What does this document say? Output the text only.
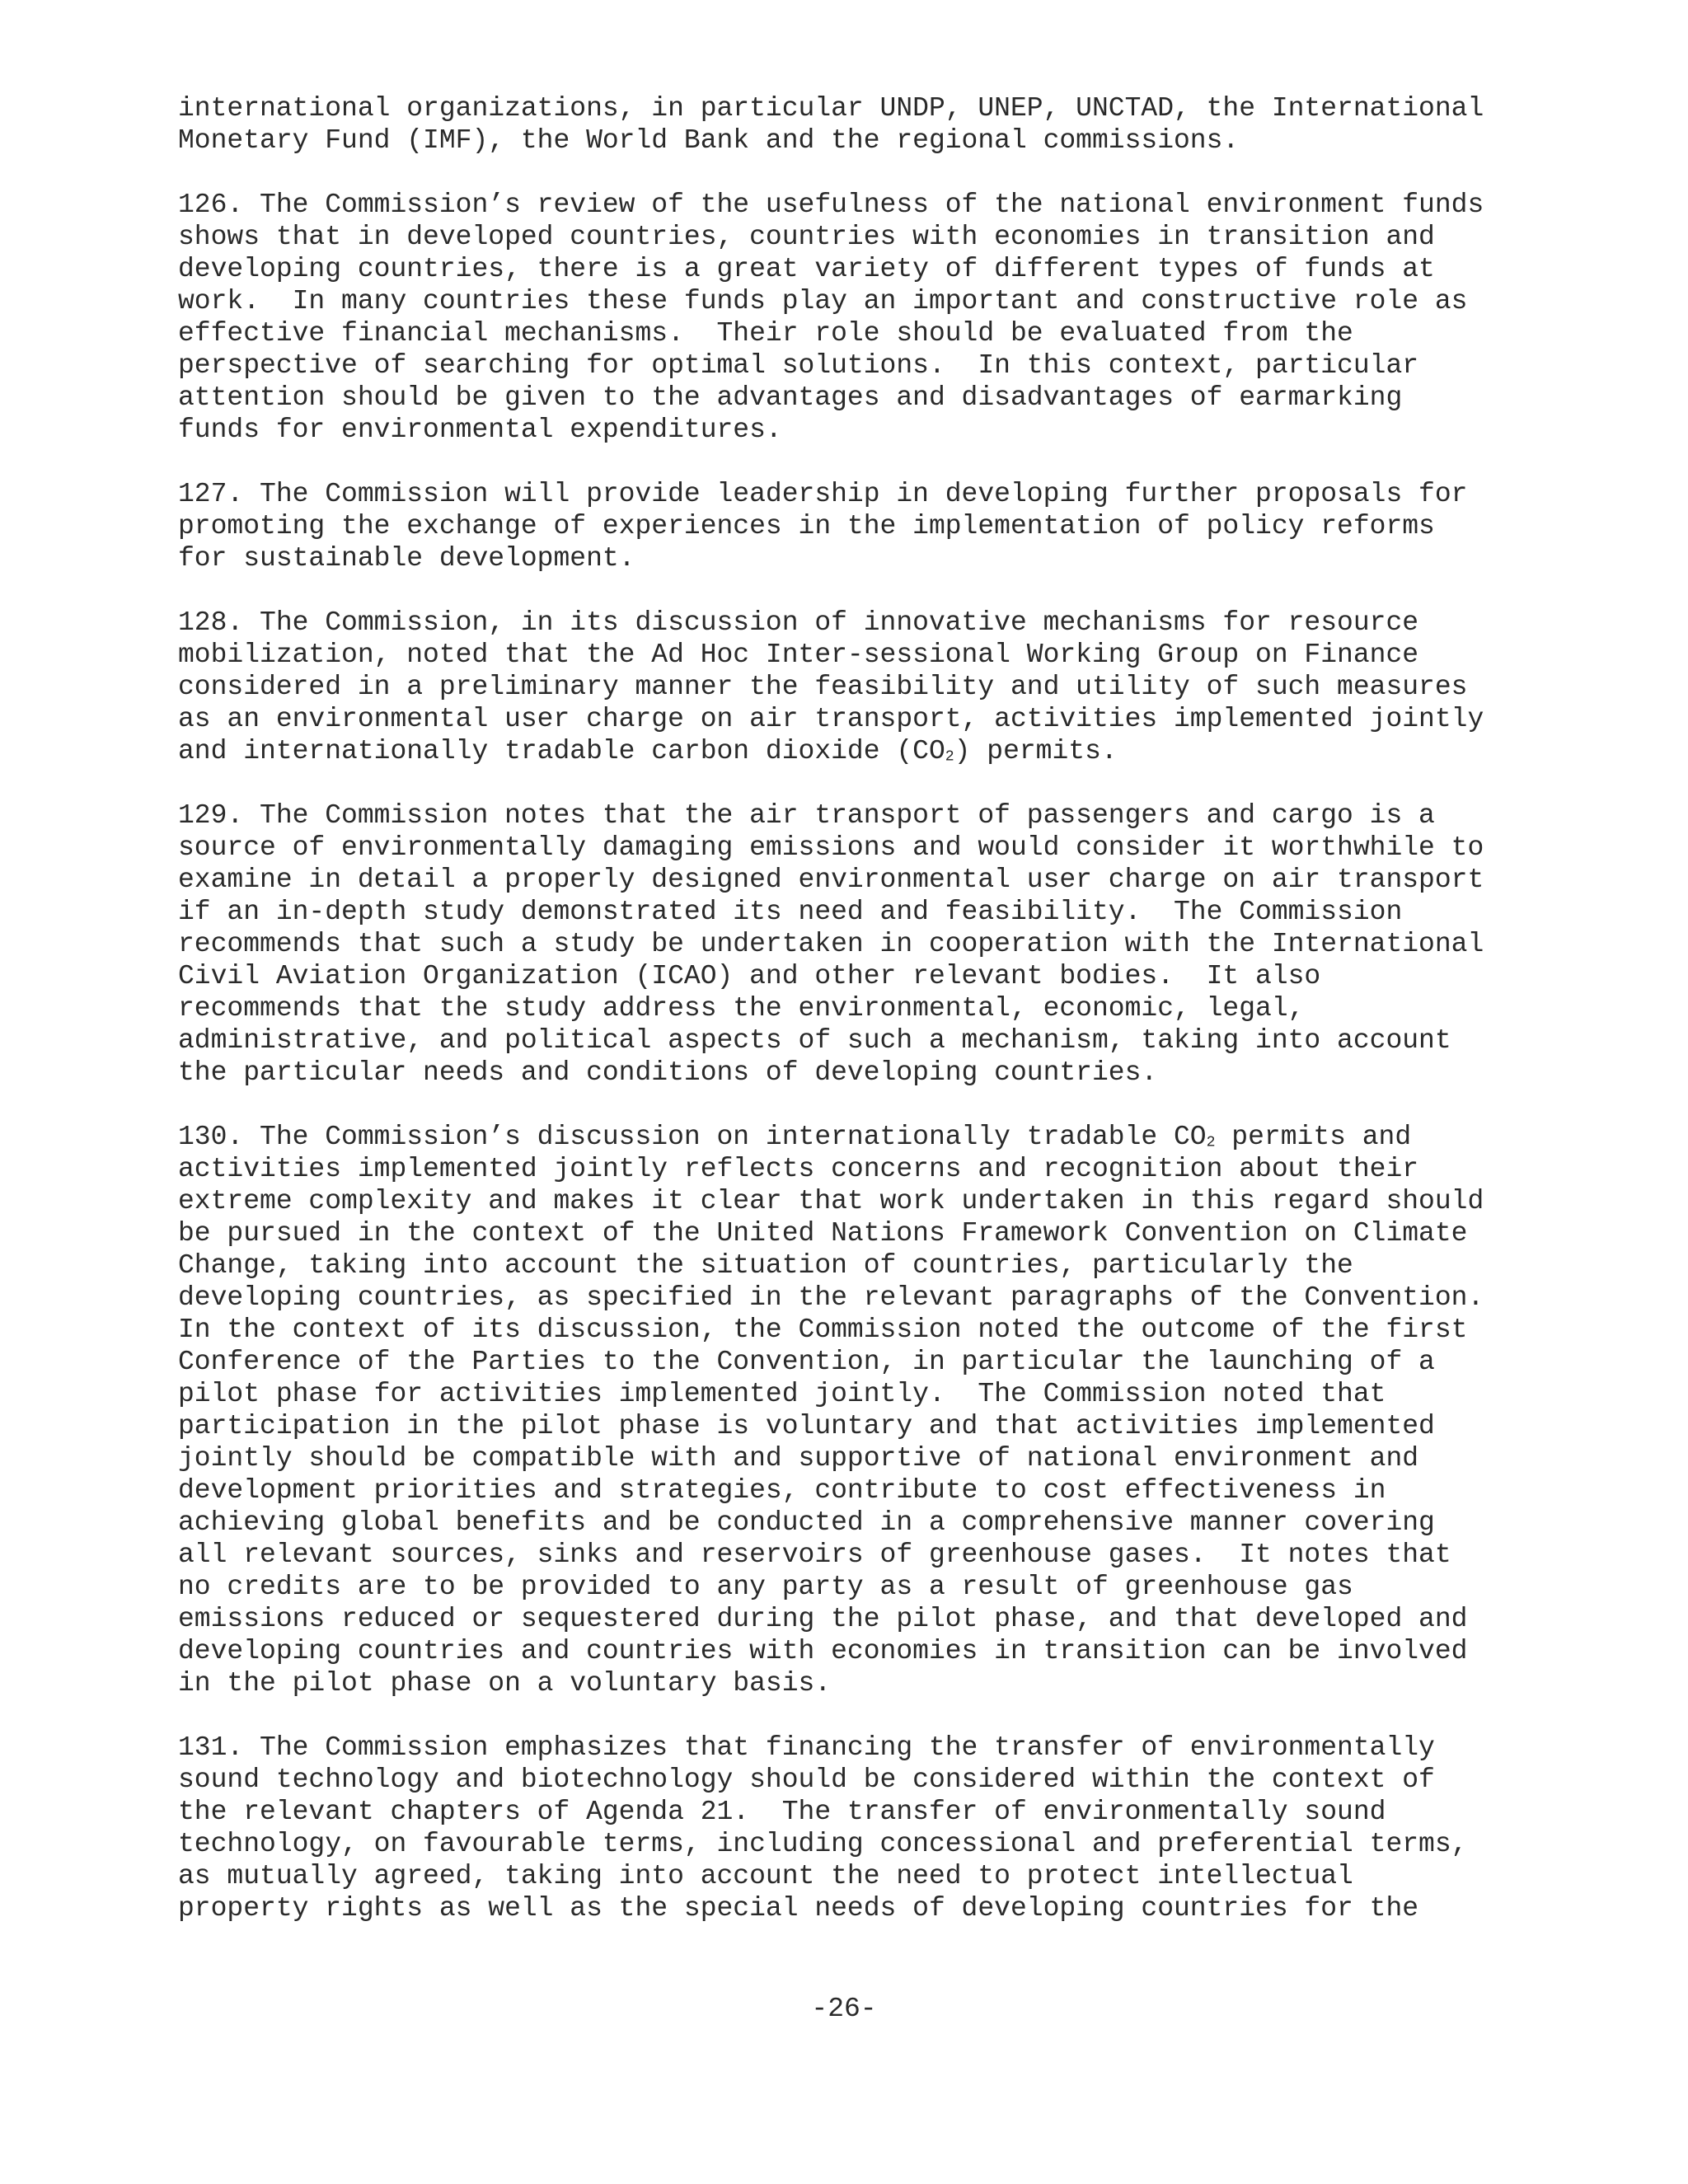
international organizations, in particular UNDP, UNEP, UNCTAD, the International
Monetary Fund (IMF), the World Bank and the regional commissions.
126. The Commission’s review of the usefulness of the national environment funds
shows that in developed countries, countries with economies in transition and
developing countries, there is a great variety of different types of funds at
work.  In many countries these funds play an important and constructive role as
effective financial mechanisms.  Their role should be evaluated from the
perspective of searching for optimal solutions.  In this context, particular
attention should be given to the advantages and disadvantages of earmarking
funds for environmental expenditures.
127. The Commission will provide leadership in developing further proposals for
promoting the exchange of experiences in the implementation of policy reforms
for sustainable development.
128. The Commission, in its discussion of innovative mechanisms for resource
mobilization, noted that the Ad Hoc Inter-sessional Working Group on Finance
considered in a preliminary manner the feasibility and utility of such measures
as an environmental user charge on air transport, activities implemented jointly
and internationally tradable carbon dioxide $(CO_2)$ permits.
129. The Commission notes that the air transport of passengers and cargo is a
source of environmentally damaging emissions and would consider it worthwhile to
examine in detail a properly designed environmental user charge on air transport
if an in-depth study demonstrated its need and feasibility.  The Commission
recommends that such a study be undertaken in cooperation with the International
Civil Aviation Organization (ICAO) and other relevant bodies.  It also
recommends that the study address the environmental, economic, legal,
administrative, and political aspects of such a mechanism, taking into account
the particular needs and conditions of developing countries.
130. The Commission’s discussion on internationally tradable $CO_2$ permits and
activities implemented jointly reflects concerns and recognition about their
extreme complexity and makes it clear that work undertaken in this regard should
be pursued in the context of the United Nations Framework Convention on Climate
Change, taking into account the situation of countries, particularly the
developing countries, as specified in the relevant paragraphs of the Convention.
In the context of its discussion, the Commission noted the outcome of the first
Conference of the Parties to the Convention, in particular the launching of a
pilot phase for activities implemented jointly.  The Commission noted that
participation in the pilot phase is voluntary and that activities implemented
jointly should be compatible with and supportive of national environment and
development priorities and strategies, contribute to cost effectiveness in
achieving global benefits and be conducted in a comprehensive manner covering
all relevant sources, sinks and reservoirs of greenhouse gases.  It notes that
no credits are to be provided to any party as a result of greenhouse gas
emissions reduced or sequestered during the pilot phase, and that developed and
developing countries and countries with economies in transition can be involved
in the pilot phase on a voluntary basis.
131. The Commission emphasizes that financing the transfer of environmentally
sound technology and biotechnology should be considered within the context of
the relevant chapters of Agenda 21.  The transfer of environmentally sound
technology, on favourable terms, including concessional and preferential terms,
as mutually agreed, taking into account the need to protect intellectual
property rights as well as the special needs of developing countries for the
-26-
